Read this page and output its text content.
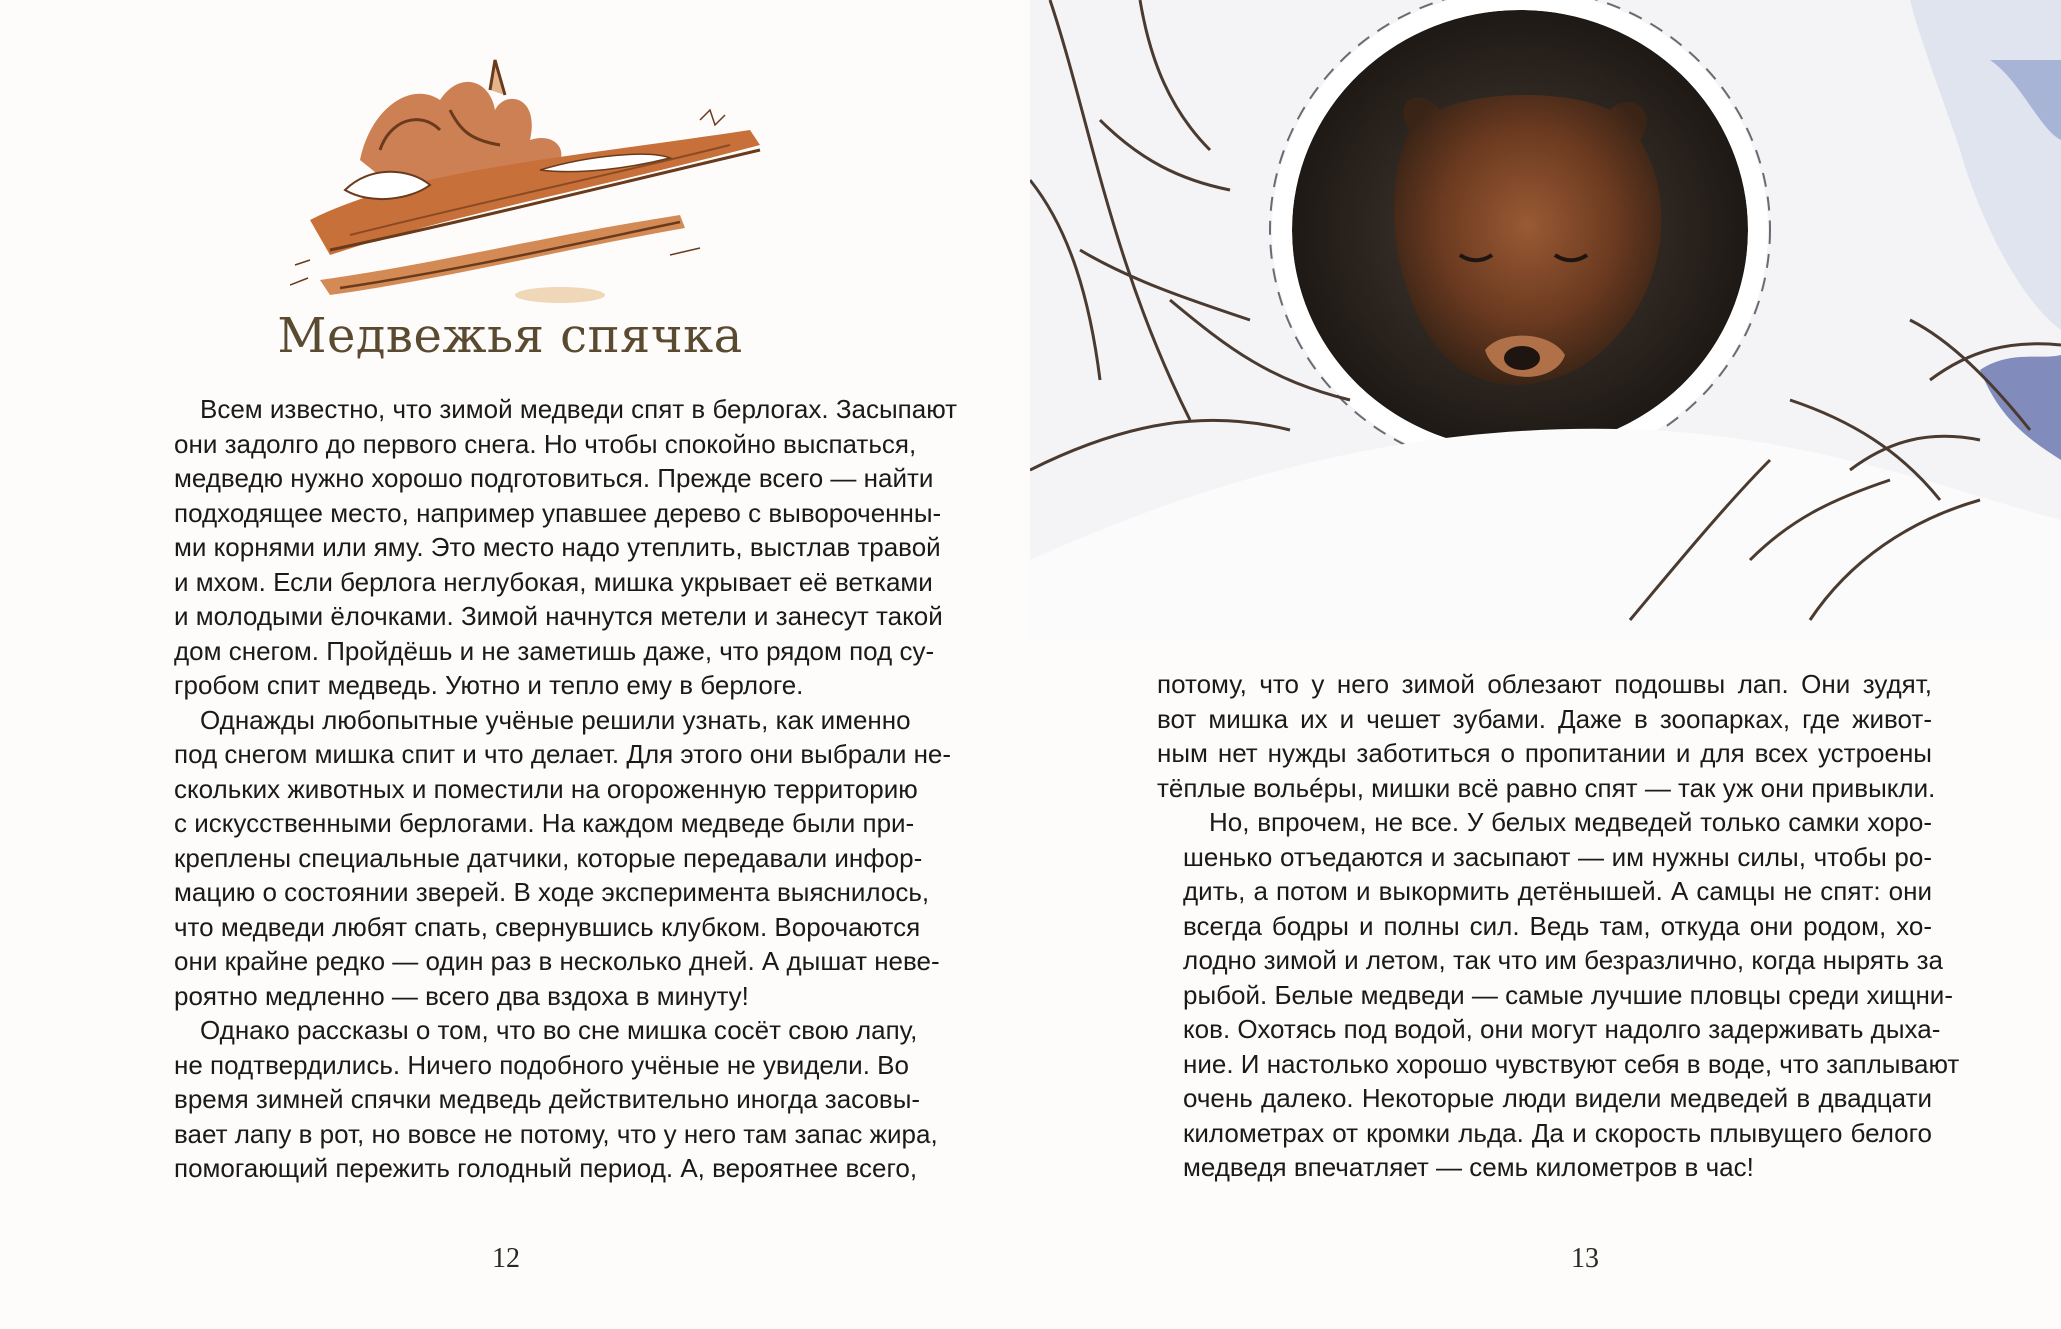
Медвежья спячка

Всем известно, что зимой медведи спят в берлогах. Засыпают
они задолго до первого снега. Но чтобы спокойно выспаться,
медведю нужно хорошо подготовиться. Прежде всего — найти
подходящее место, например упавшее дерево с вывороченны-
ми корнями или яму. Это место надо утеплить, выстлав травой
и мхом. Если берлога неглубокая, мишка укрывает её ветками
и молодыми ёлочками. Зимой начнутся метели и занесут такой
дом снегом. Пройдёшь и не заметишь даже, что рядом под су-
гробом спит медведь. Уютно и тепло ему в берлоге.

Однажды любопытные учёные решили узнать, как именно
под снегом мишка спит и что делает. Для этого они выбрали не-
скольких животных и поместили на огороженную территорию
с искусственными берлогами. На каждом медведе были при-
креплены специальные датчики, которые передавали инфор-
мацию о состоянии зверей. В ходе эксперимента выяснилось,
что медведи любят спать, свернувшись клубком. Ворочаются
они крайне редко — один раз в несколько дней. А дышат неве-
роятно медленно — всего два вздоха в минуту!

Однако рассказы о том, что во сне мишка сосёт свою лапу,
не подтвердились. Ничего подобного учёные не увидели. Во
время зимней спячки медведь действительно иногда засовы-
вает лапу в рот, но вовсе не потому, что у него там запас жира,
помогающий пережить голодный период. А, вероятнее всего,

12

потому, что у него зимой облезают подошвы лап. Они зудят,
вот мишка их и чешет зубами. Даже в зоопарках, где живот-
ным нет нужды заботиться о пропитании и для всех устроены
тёплые вольéры, мишки всё равно спят — так уж они привыкли.

Но, впрочем, не все. У белых медведей только самки хоро-
шенько отъедаются и засыпают — им нужны силы, чтобы ро-
дить, а потом и выкормить детёнышей. А самцы не спят: они
всегда бодры и полны сил. Ведь там, откуда они родом, хо-
лодно зимой и летом, так что им безразлично, когда нырять за
рыбой. Белые медведи — самые лучшие пловцы среди хищни-
ков. Охотясь под водой, они могут надолго задерживать дыха-
ние. И настолько хорошо чувствуют себя в воде, что заплывают
очень далеко. Некоторые люди видели медведей в двадцати
километрах от кромки льда. Да и скорость плывущего белого
медведя впечатляет — семь километров в час!

13
